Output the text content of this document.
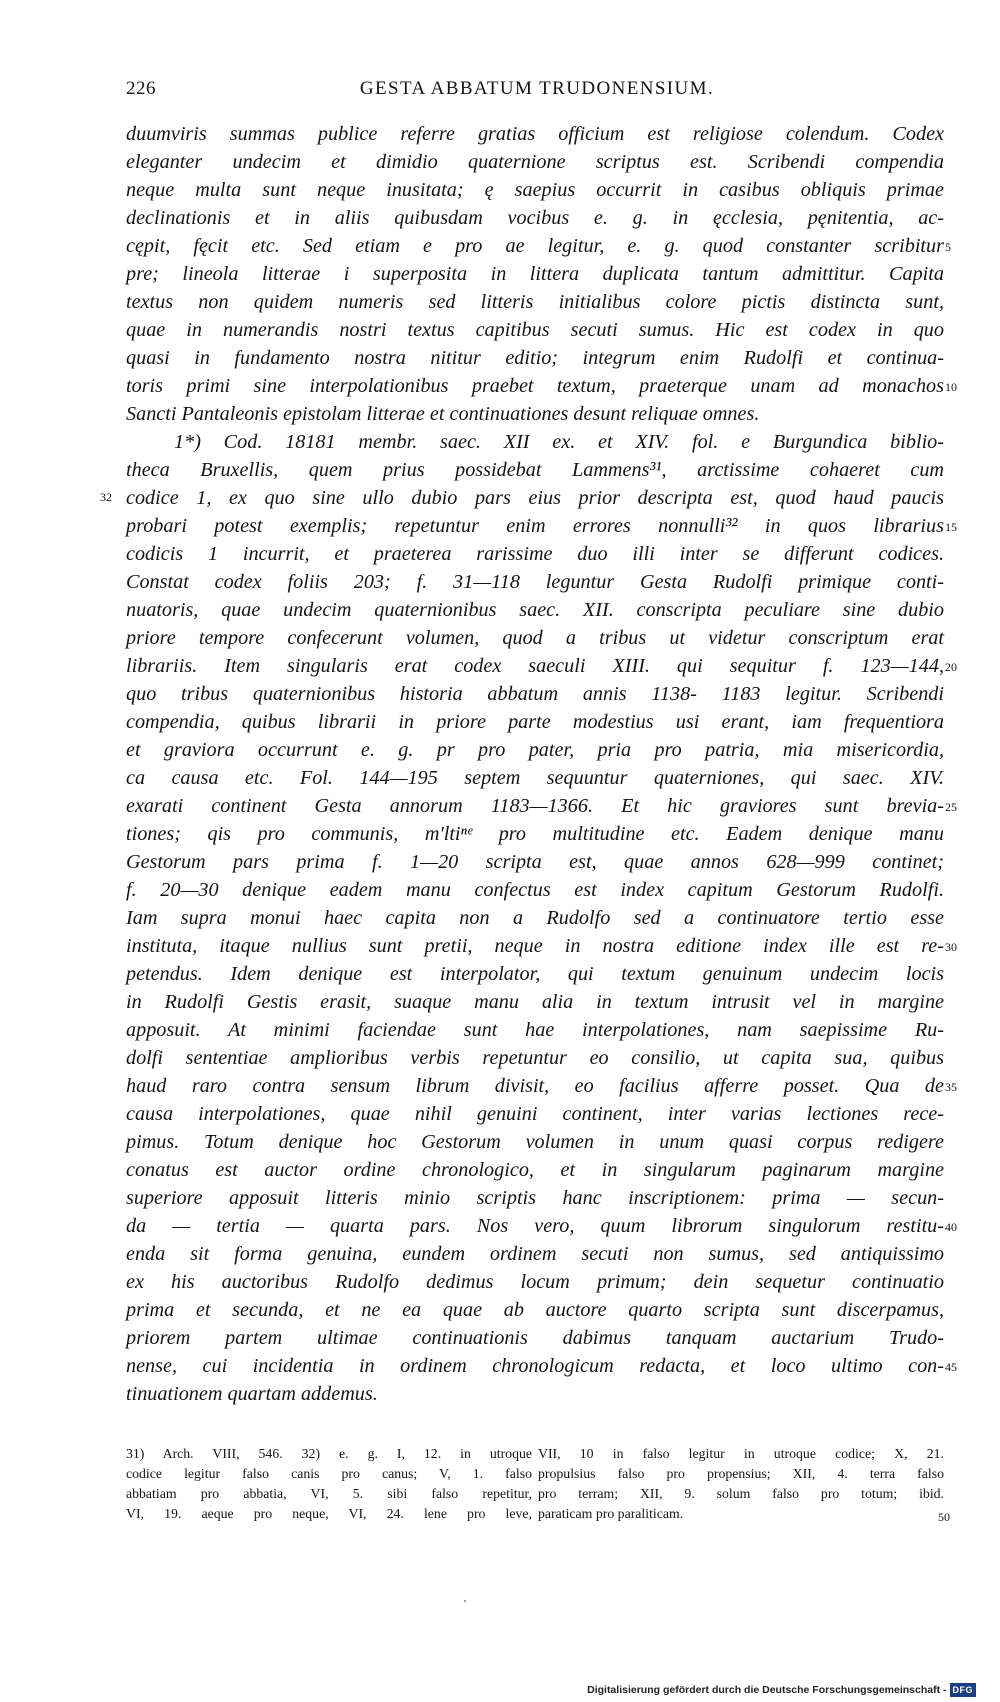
226	GESTA ABBATUM TRUDONENSIUM.
duumviris summas publice referre gratias officium est religiose colendum. Codex
eleganter undecim et dimidio quaternione scriptus est. Scribendi compendia
neque multa sunt neque inusitata; ę saepius occurrit in casibus obliquis primae
declinationis et in aliis quibusdam vocibus e. g. in ęcclesia, pęnitentia, ac-
cępit, fęcit etc. Sed etiam e pro ae legitur, e. g. quod constanter scribitur
pre; lineola litterae i superposita in littera duplicata tantum admittitur. Capita
textus non quidem numeris sed litteris initialibus colore pictis distincta sunt,
quae in numerandis nostri textus capitibus secuti sumus. Hic est codex in quo
quasi in fundamento nostra nititur editio; integrum enim Rudolfi et continua-
toris primi sine interpolationibus praebet textum, praeterque unam ad monachos
Sancti Pantaleonis epistolam litterae et continuationes desunt reliquae omnes.
1*) Cod. 18181 membr. saec. XII ex. et XIV. fol. e Burgundica biblio-
theca Bruxellis, quem prius possidebat Lammens³¹, arctissime cohaeret cum
codice 1, ex quo sine ullo dubio pars eius prior descripta est, quod haud paucis
probari potest exemplis; repetuntur enim errores nonnulli³² in quos librarius
codicis 1 incurrit, et praeterea rarissime duo illi inter se differunt codices.
Constat codex foliis 203; f. 31—118 leguntur Gesta Rudolfi primique conti-
nuatoris, quae undecim quaternionibus saec. XII. conscripta peculiare sine dubio
priore tempore confecerunt volumen, quod a tribus ut videtur conscriptum erat
librariis. Item singularis erat codex saeculi XIII. qui sequitur f. 123—144,
quo tribus quaternionibus historia abbatum annis 1138- 1183 legitur. Scribendi
compendia, quibus librarii in priore parte modestius usi erant, iam frequentiora
et graviora occurrunt e. g. pr pro pater, pria pro patria, mia misericordia,
ca causa etc. Fol. 144—195 septem sequuntur quaterniones, qui saec. XIV.
exarati continent Gesta annorum 1183—1366. Et hic graviores sunt brevia-
tiones; qis pro communis, m'ltiⁿᵉ pro multitudine etc. Eadem denique manu
Gestorum pars prima f. 1—20 scripta est, quae annos 628—999 continet;
f. 20—30 denique eadem manu confectus est index capitum Gestorum Rudolfi.
Iam supra monui haec capita non a Rudolfo sed a continuatore tertio esse
instituta, itaque nullius sunt pretii, neque in nostra editione index ille est re-
petendus. Idem denique est interpolator, qui textum genuinum undecim locis
in Rudolfi Gestis erasit, suaque manu alia in textum intrusit vel in margine
apposuit. At minimi faciendae sunt hae interpolationes, nam saepissime Ru-
dolfi sententiae amplioribus verbis repetuntur eo consilio, ut capita sua, quibus
haud raro contra sensum librum divisit, eo facilius afferre posset. Qua de
causa interpolationes, quae nihil genuini continent, inter varias lectiones rece-
pimus. Totum denique hoc Gestorum volumen in unum quasi corpus redigere
conatus est auctor ordine chronologico, et in singularum paginarum margine
superiore apposuit litteris minio scriptis hanc inscriptionem: prima — secun-
da — tertia — quarta pars. Nos vero, quum librorum singulorum restitu-
enda sit forma genuina, eundem ordinem secuti non sumus, sed antiquissimo
ex his auctoribus Rudolfo dedimus locum primum; dein sequetur continuatio
prima et secunda, et ne ea quae ab auctore quarto scripta sunt discerpamus,
priorem partem ultimae continuationis dabimus tanquam auctarium Trudo-
nense, cui incidentia in ordinem chronologicum redacta, et loco ultimo con-
tinuationem quartam addemus.
32
5
10
15
20
25
30
35
40
45
31) Arch. VIII, 546. 32) e. g. I, 12. in utroque
codice legitur falso canis pro canus; V, 1. falso
abbatiam pro abbatia, VI, 5. sibi falso repetitur,
VI, 19. aeque pro neque, VI, 24. lene pro leve,
VII, 10 in falso legitur in utroque codice; X, 21.
propulsius falso pro propensius; XII, 4. terra falso
pro terram; XII, 9. solum falso pro totum; ibid.
paraticam pro paraliticam.	50
Digitalisierung gefördert durch die Deutsche Forschungsgemeinschaft - DFG
